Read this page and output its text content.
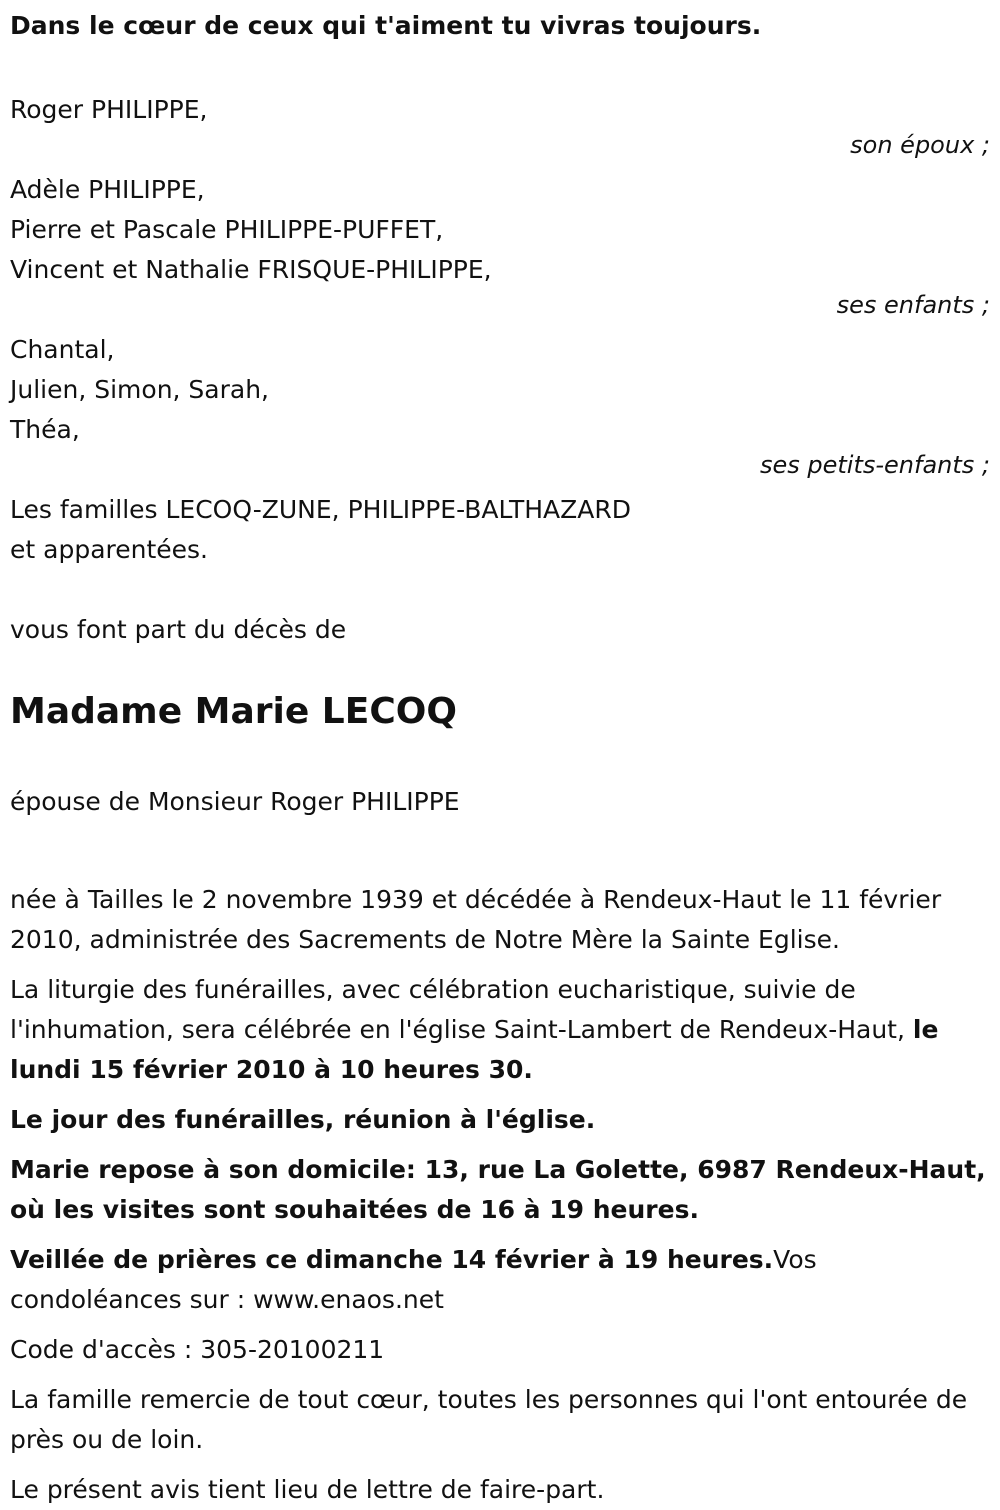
Dans le cœur de ceux qui t'aiment tu vivras toujours.

Roger PHILIPPE,
son époux ;
Adèle PHILIPPE,
Pierre et Pascale PHILIPPE-PUFFET,
Vincent et Nathalie FRISQUE-PHILIPPE,
ses enfants ;
Chantal,
Julien, Simon, Sarah,
Théa,
ses petits-enfants ;
Les familles LECOQ-ZUNE, PHILIPPE-BALTHAZARD
et apparentées.

vous font part du décès de

Madame Marie LECOQ

épouse de Monsieur Roger PHILIPPE

née à Tailles le 2 novembre 1939 et décédée à Rendeux-Haut le 11 février 2010, administrée des Sacrements de Notre Mère la Sainte Eglise.

La liturgie des funérailles, avec célébration eucharistique, suivie de l'inhumation, sera célébrée en l'église Saint-Lambert de Rendeux-Haut, le lundi 15 février 2010 à 10 heures 30.

Le jour des funérailles, réunion à l'église.

Marie repose à son domicile: 13, rue La Golette, 6987 Rendeux-Haut, où les visites sont souhaitées de 16 à 19 heures.

Veillée de prières ce dimanche 14 février à 19 heures.Vos condoléances sur : www.enaos.net

Code d'accès : 305-20100211

La famille remercie de tout cœur, toutes les personnes qui l'ont entourée de près ou de loin.

Le présent avis tient lieu de lettre de faire-part.
